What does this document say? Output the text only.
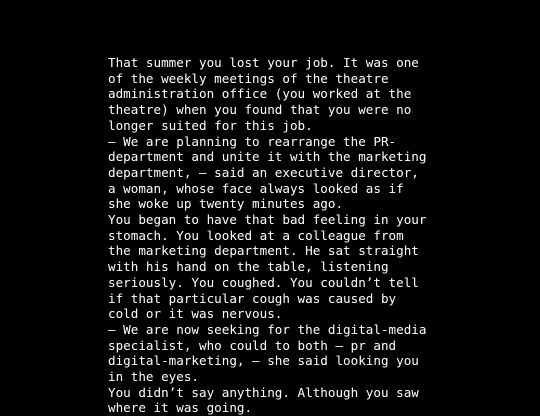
That summer you lost your job. It was one
of the weekly meetings of the theatre
administration office (you worked at the
theatre) when you found that you were no
longer suited for this job.
– We are planning to rearrange the PR-
department and unite it with the marketing
department, – said an executive director,
a woman, whose face always looked as if
she woke up twenty minutes ago.
You began to have that bad feeling in your
stomach. You looked at a colleague from
the marketing department. He sat straight
with his hand on the table, listening
seriously. You coughed. You couldn’t tell
if that particular cough was caused by
cold or it was nervous.
– We are now seeking for the digital-media
specialist, who could to both – pr and
digital-marketing, – she said looking you
in the eyes.
You didn’t say anything. Although you saw
where it was going.
